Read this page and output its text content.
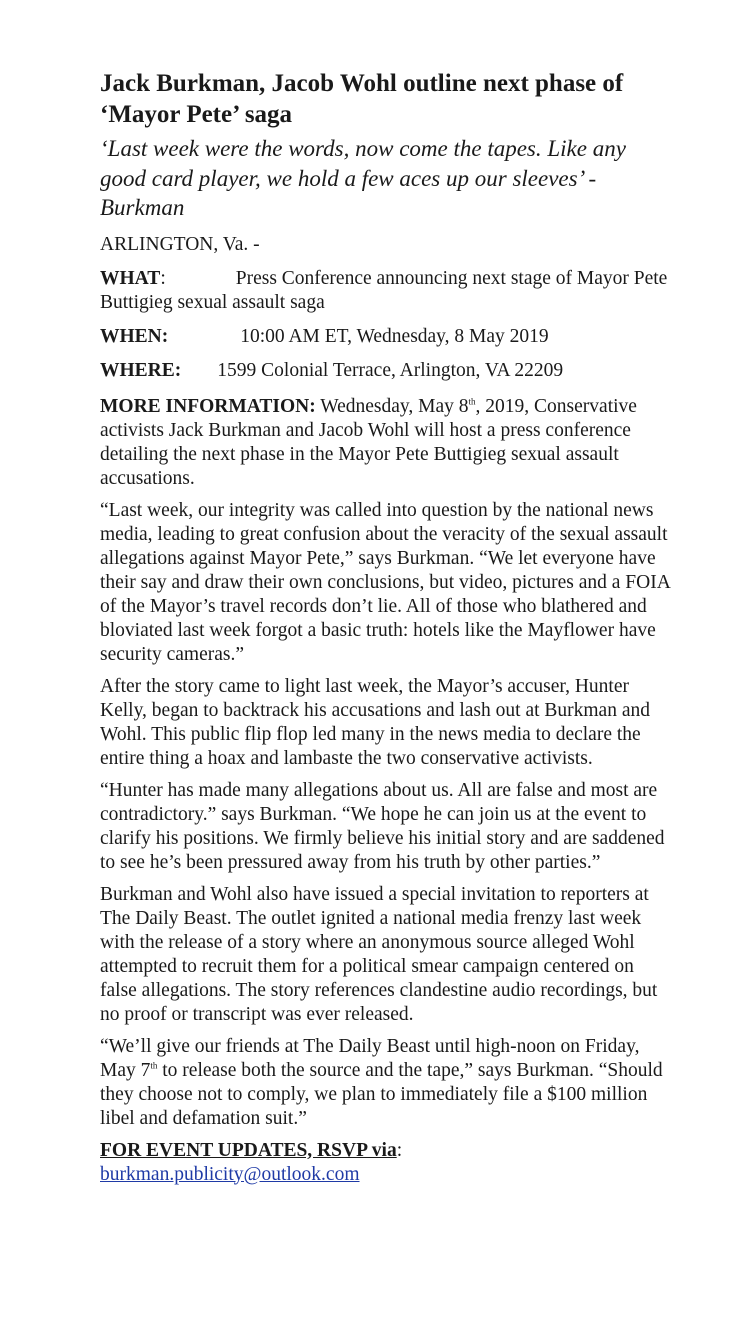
Jack Burkman, Jacob Wohl outline next phase of ‘Mayor Pete’ saga

‘Last week were the words, now come the tapes. Like any good card player, we hold a few aces up our sleeves’ - Burkman

ARLINGTON, Va. -

WHAT:	Press Conference announcing next stage of Mayor Pete Buttigieg sexual assault saga

WHEN:	10:00 AM ET, Wednesday, 8 May 2019

WHERE: 1599 Colonial Terrace, Arlington, VA 22209

MORE INFORMATION: Wednesday, May 8th, 2019, Conservative activists Jack Burkman and Jacob Wohl will host a press conference detailing the next phase in the Mayor Pete Buttigieg sexual assault accusations.

“Last week, our integrity was called into question by the national news media, leading to great confusion about the veracity of the sexual assault allegations against Mayor Pete,” says Burkman. “We let everyone have their say and draw their own conclusions, but video, pictures and a FOIA of the Mayor’s travel records don’t lie. All of those who blathered and bloviated last week forgot a basic truth: hotels like the Mayflower have security cameras.”

After the story came to light last week, the Mayor’s accuser, Hunter Kelly, began to backtrack his accusations and lash out at Burkman and Wohl. This public flip flop led many in the news media to declare the entire thing a hoax and lambaste the two conservative activists.

“Hunter has made many allegations about us. All are false and most are contradictory.” says Burkman. “We hope he can join us at the event to clarify his positions. We firmly believe his initial story and are saddened to see he’s been pressured away from his truth by other parties.”

Burkman and Wohl also have issued a special invitation to reporters at The Daily Beast. The outlet ignited a national media frenzy last week with the release of a story where an anonymous source alleged Wohl attempted to recruit them for a political smear campaign centered on false allegations. The story references clandestine audio recordings, but no proof or transcript was ever released.

“We’ll give our friends at The Daily Beast until high-noon on Friday, May 7th to release both the source and the tape,” says Burkman. “Should they choose not to comply, we plan to immediately file a $100 million libel and defamation suit.”

FOR EVENT UPDATES, RSVP via:
burkman.publicity@outlook.com
